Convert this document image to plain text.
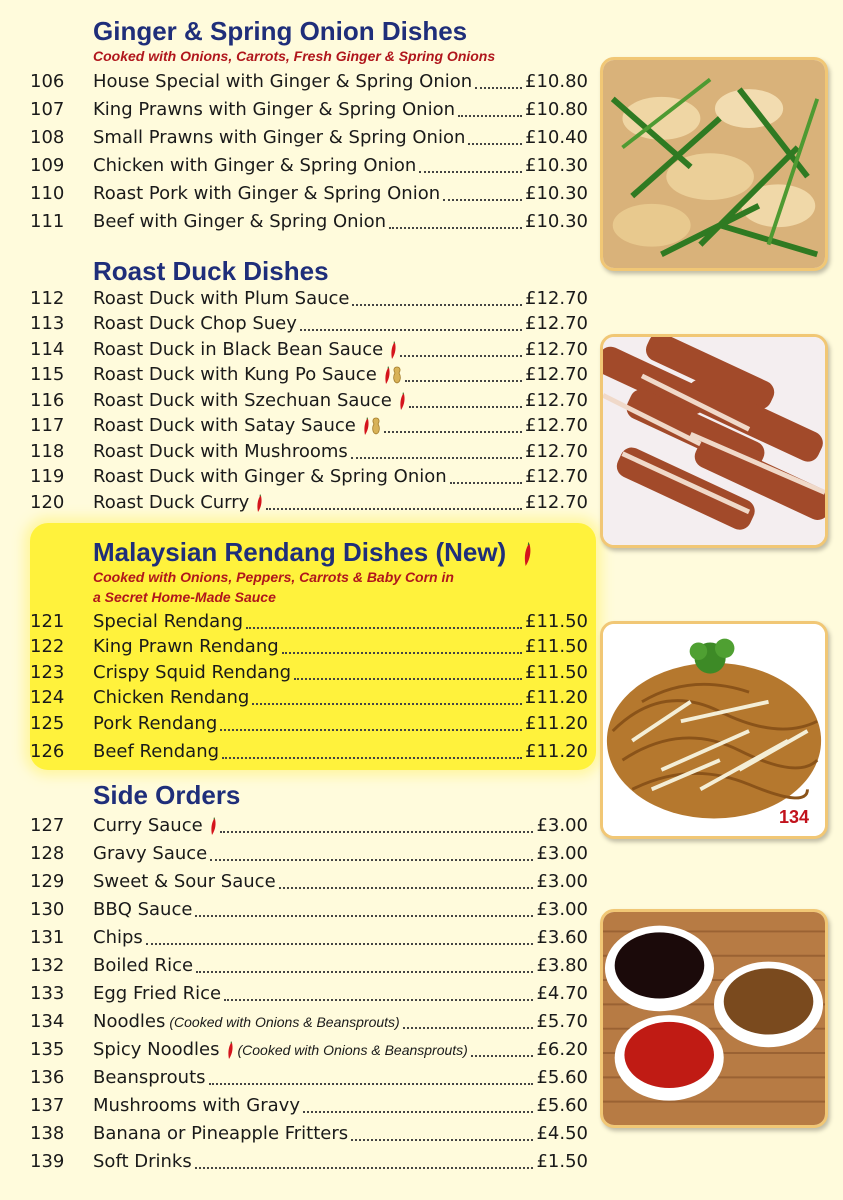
Ginger & Spring Onion Dishes
Cooked with Onions, Carrots, Fresh Ginger & Spring Onions
106	House Special with Ginger & Spring Onion	£10.80
107	King Prawns with Ginger & Spring Onion	£10.80
108	Small Prawns with Ginger & Spring Onion	£10.40
109	Chicken with Ginger & Spring Onion	£10.30
110	Roast Pork with Ginger & Spring Onion	£10.30
111	Beef with Ginger & Spring Onion	£10.30
Roast Duck Dishes
112	Roast Duck with Plum Sauce	£12.70
113	Roast Duck Chop Suey	£12.70
114	Roast Duck in Black Bean Sauce	£12.70
115	Roast Duck with Kung Po Sauce	£12.70
116	Roast Duck with Szechuan Sauce	£12.70
117	Roast Duck with Satay Sauce	£12.70
118	Roast Duck with Mushrooms	£12.70
119	Roast Duck with Ginger & Spring Onion	£12.70
120	Roast Duck Curry	£12.70
Malaysian Rendang Dishes (New)
Cooked with Onions, Peppers, Carrots & Baby Corn in
a Secret Home-Made Sauce
121	Special Rendang	£11.50
122	King Prawn Rendang	£11.50
123	Crispy Squid Rendang	£11.50
124	Chicken Rendang	£11.20
125	Pork Rendang	£11.20
126	Beef Rendang	£11.20
Side Orders
127	Curry Sauce	£3.00
128	Gravy Sauce	£3.00
129	Sweet & Sour Sauce	£3.00
130	BBQ Sauce	£3.00
131	Chips	£3.60
132	Boiled Rice	£3.80
133	Egg Fried Rice	£4.70
134	Noodles (Cooked with Onions & Beansprouts)	£5.70
135	Spicy Noodles (Cooked with Onions & Beansprouts)	£6.20
136	Beansprouts	£5.60
137	Mushrooms with Gravy	£5.60
138	Banana or Pineapple Fritters	£4.50
139	Soft Drinks	£1.50
134
